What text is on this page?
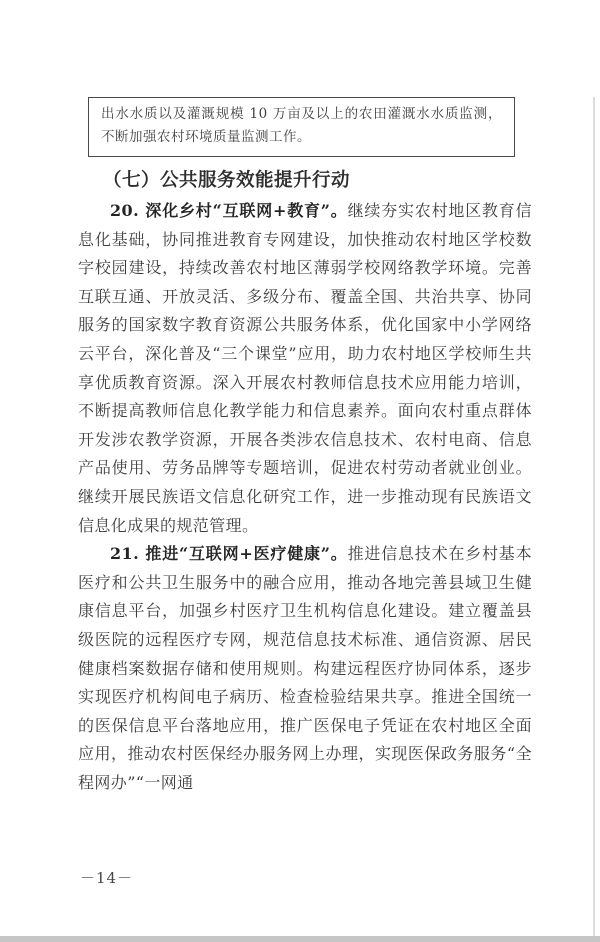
出水水质以及灌溉规模 10 万亩及以上的农田灌溉水水质监测，不断加强农村环境质量监测工作。
（七）公共服务效能提升行动

20. 深化乡村“互联网+教育”。继续夯实农村地区教育信息化基础，协同推进教育专网建设，加快推动农村地区学校数字校园建设，持续改善农村地区薄弱学校网络教学环境。完善互联互通、开放灵活、多级分布、覆盖全国、共治共享、协同服务的国家数字教育资源公共服务体系，优化国家中小学网络云平台，深化普及“三个课堂”应用，助力农村地区学校师生共享优质教育资源。深入开展农村教师信息技术应用能力培训，不断提高教师信息化教学能力和信息素养。面向农村重点群体开发涉农教学资源，开展各类涉农信息技术、农村电商、信息产品使用、劳务品牌等专题培训，促进农村劳动者就业创业。继续开展民族语文信息化研究工作，进一步推动现有民族语文信息化成果的规范管理。

21. 推进“互联网+医疗健康”。推进信息技术在乡村基本医疗和公共卫生服务中的融合应用，推动各地完善县域卫生健康信息平台，加强乡村医疗卫生机构信息化建设。建立覆盖县级医院的远程医疗专网，规范信息技术标准、通信资源、居民健康档案数据存储和使用规则。构建远程医疗协同体系，逐步实现医疗机构间电子病历、检查检验结果共享。推进全国统一的医保信息平台落地应用，推广医保电子凭证在农村地区全面应用，推动农村医保经办服务网上办理，实现医保政务服务“全程网办”“一网通

－14－
